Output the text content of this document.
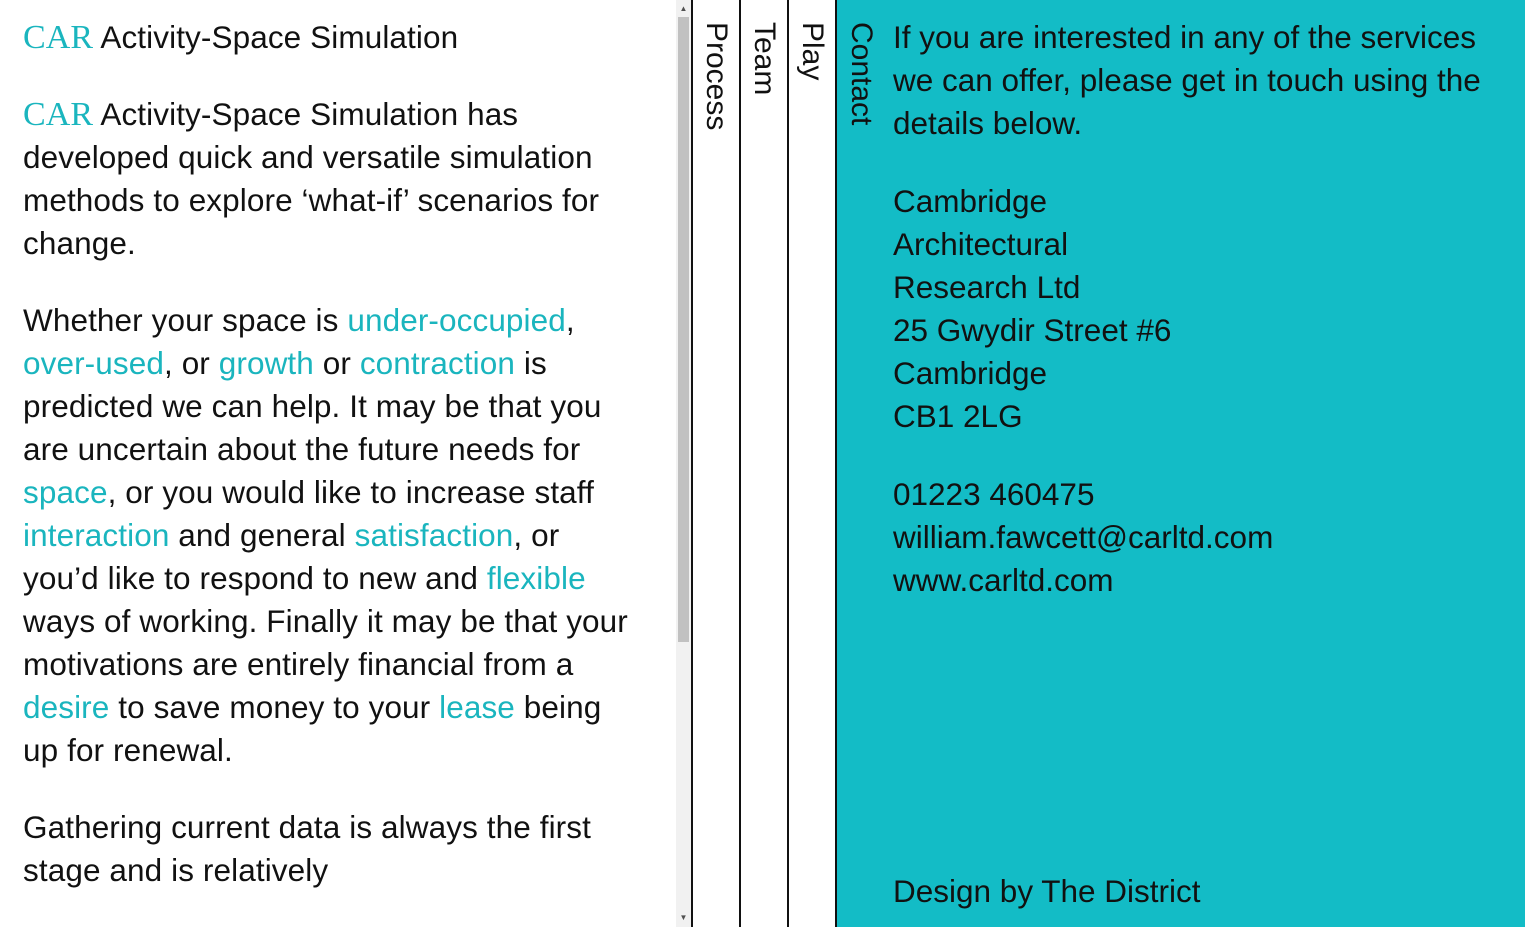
CAR Activity-Space Simulation

CAR Activity-Space Simulation has developed quick and versatile simulation methods to explore ‘what-if’ scenarios for change.

Whether your space is under-occupied, over-used, or growth or contraction is predicted we can help. It may be that you are uncertain about the future needs for space, or you would like to increase staff interaction and general satisfaction, or you’d like to respond to new and flexible ways of working. Finally it may be that your motivations are entirely financial from a desire to save money to your lease being up for renewal.

Gathering current data is always the first stage and is relatively

▲
▼
Process Team Play Contact If you are interested in any of the services we can offer, please get in touch using the details below.

Cambridge
Architectural
Research Ltd
25 Gwydir Street #6
Cambridge
CB1 2LG

01223 460475
william.fawcett@carltd.com
www.carltd.com

Design by The District
